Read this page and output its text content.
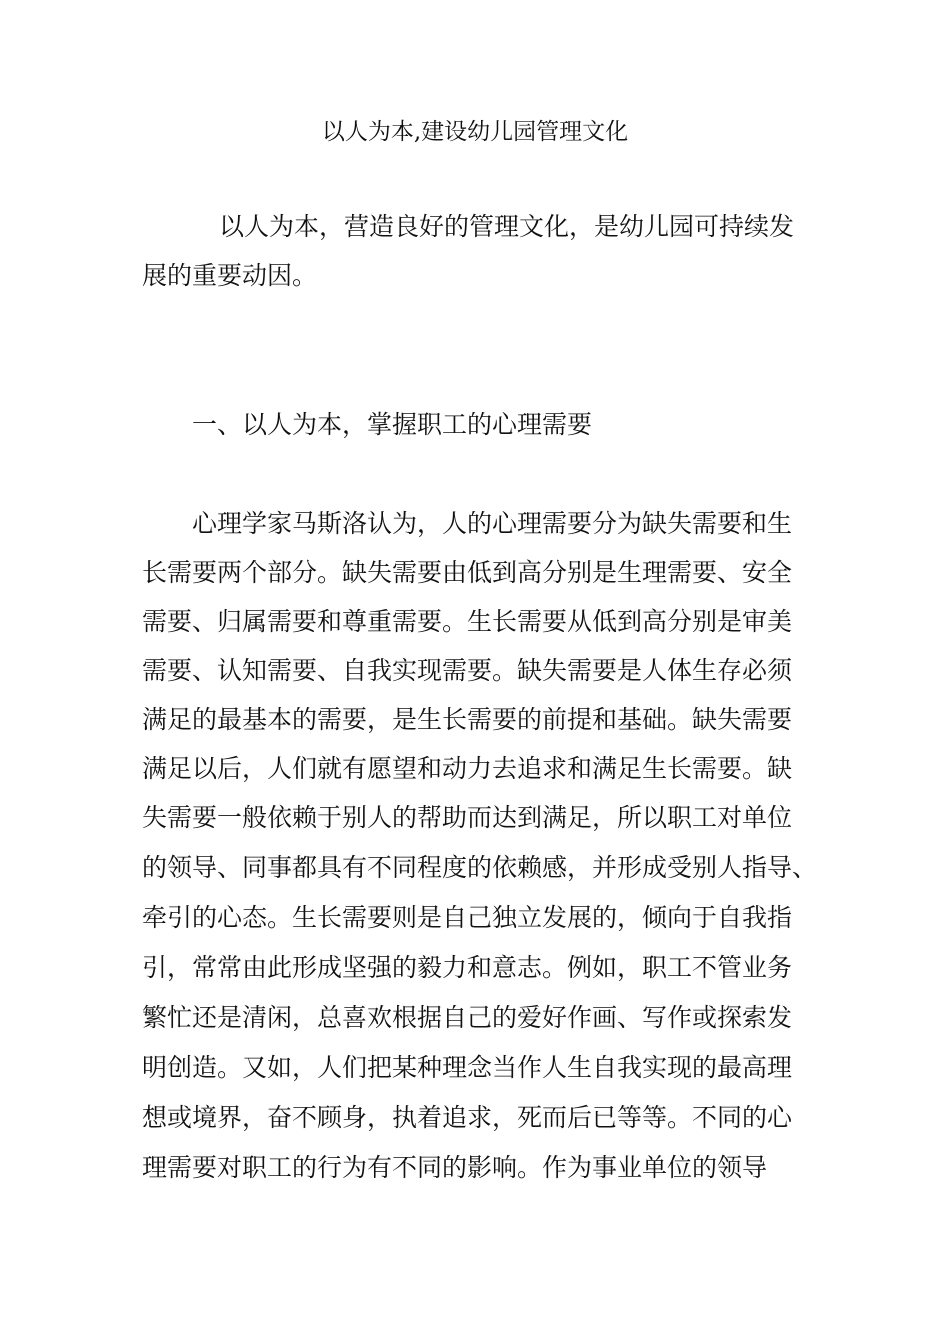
以人为本,建设幼儿园管理文化
以人为本，营造良好的管理文化，是幼儿园可持续发
展的重要动因。
一、以人为本，掌握职工的心理需要
心理学家马斯洛认为，人的心理需要分为缺失需要和生
长需要两个部分。缺失需要由低到高分别是生理需要、安全
需要、归属需要和尊重需要。生长需要从低到高分别是审美
需要、认知需要、自我实现需要。缺失需要是人体生存必须
满足的最基本的需要，是生长需要的前提和基础。缺失需要
满足以后，人们就有愿望和动力去追求和满足生长需要。缺
失需要一般依赖于别人的帮助而达到满足，所以职工对单位
的领导、同事都具有不同程度的依赖感，并形成受别人指导、
牵引的心态。生长需要则是自己独立发展的，倾向于自我指
引，常常由此形成坚强的毅力和意志。例如，职工不管业务
繁忙还是清闲，总喜欢根据自己的爱好作画、写作或探索发
明创造。又如，人们把某种理念当作人生自我实现的最高理
想或境界，奋不顾身，执着追求，死而后已等等。不同的心
理需要对职工的行为有不同的影响。作为事业单位的领导
